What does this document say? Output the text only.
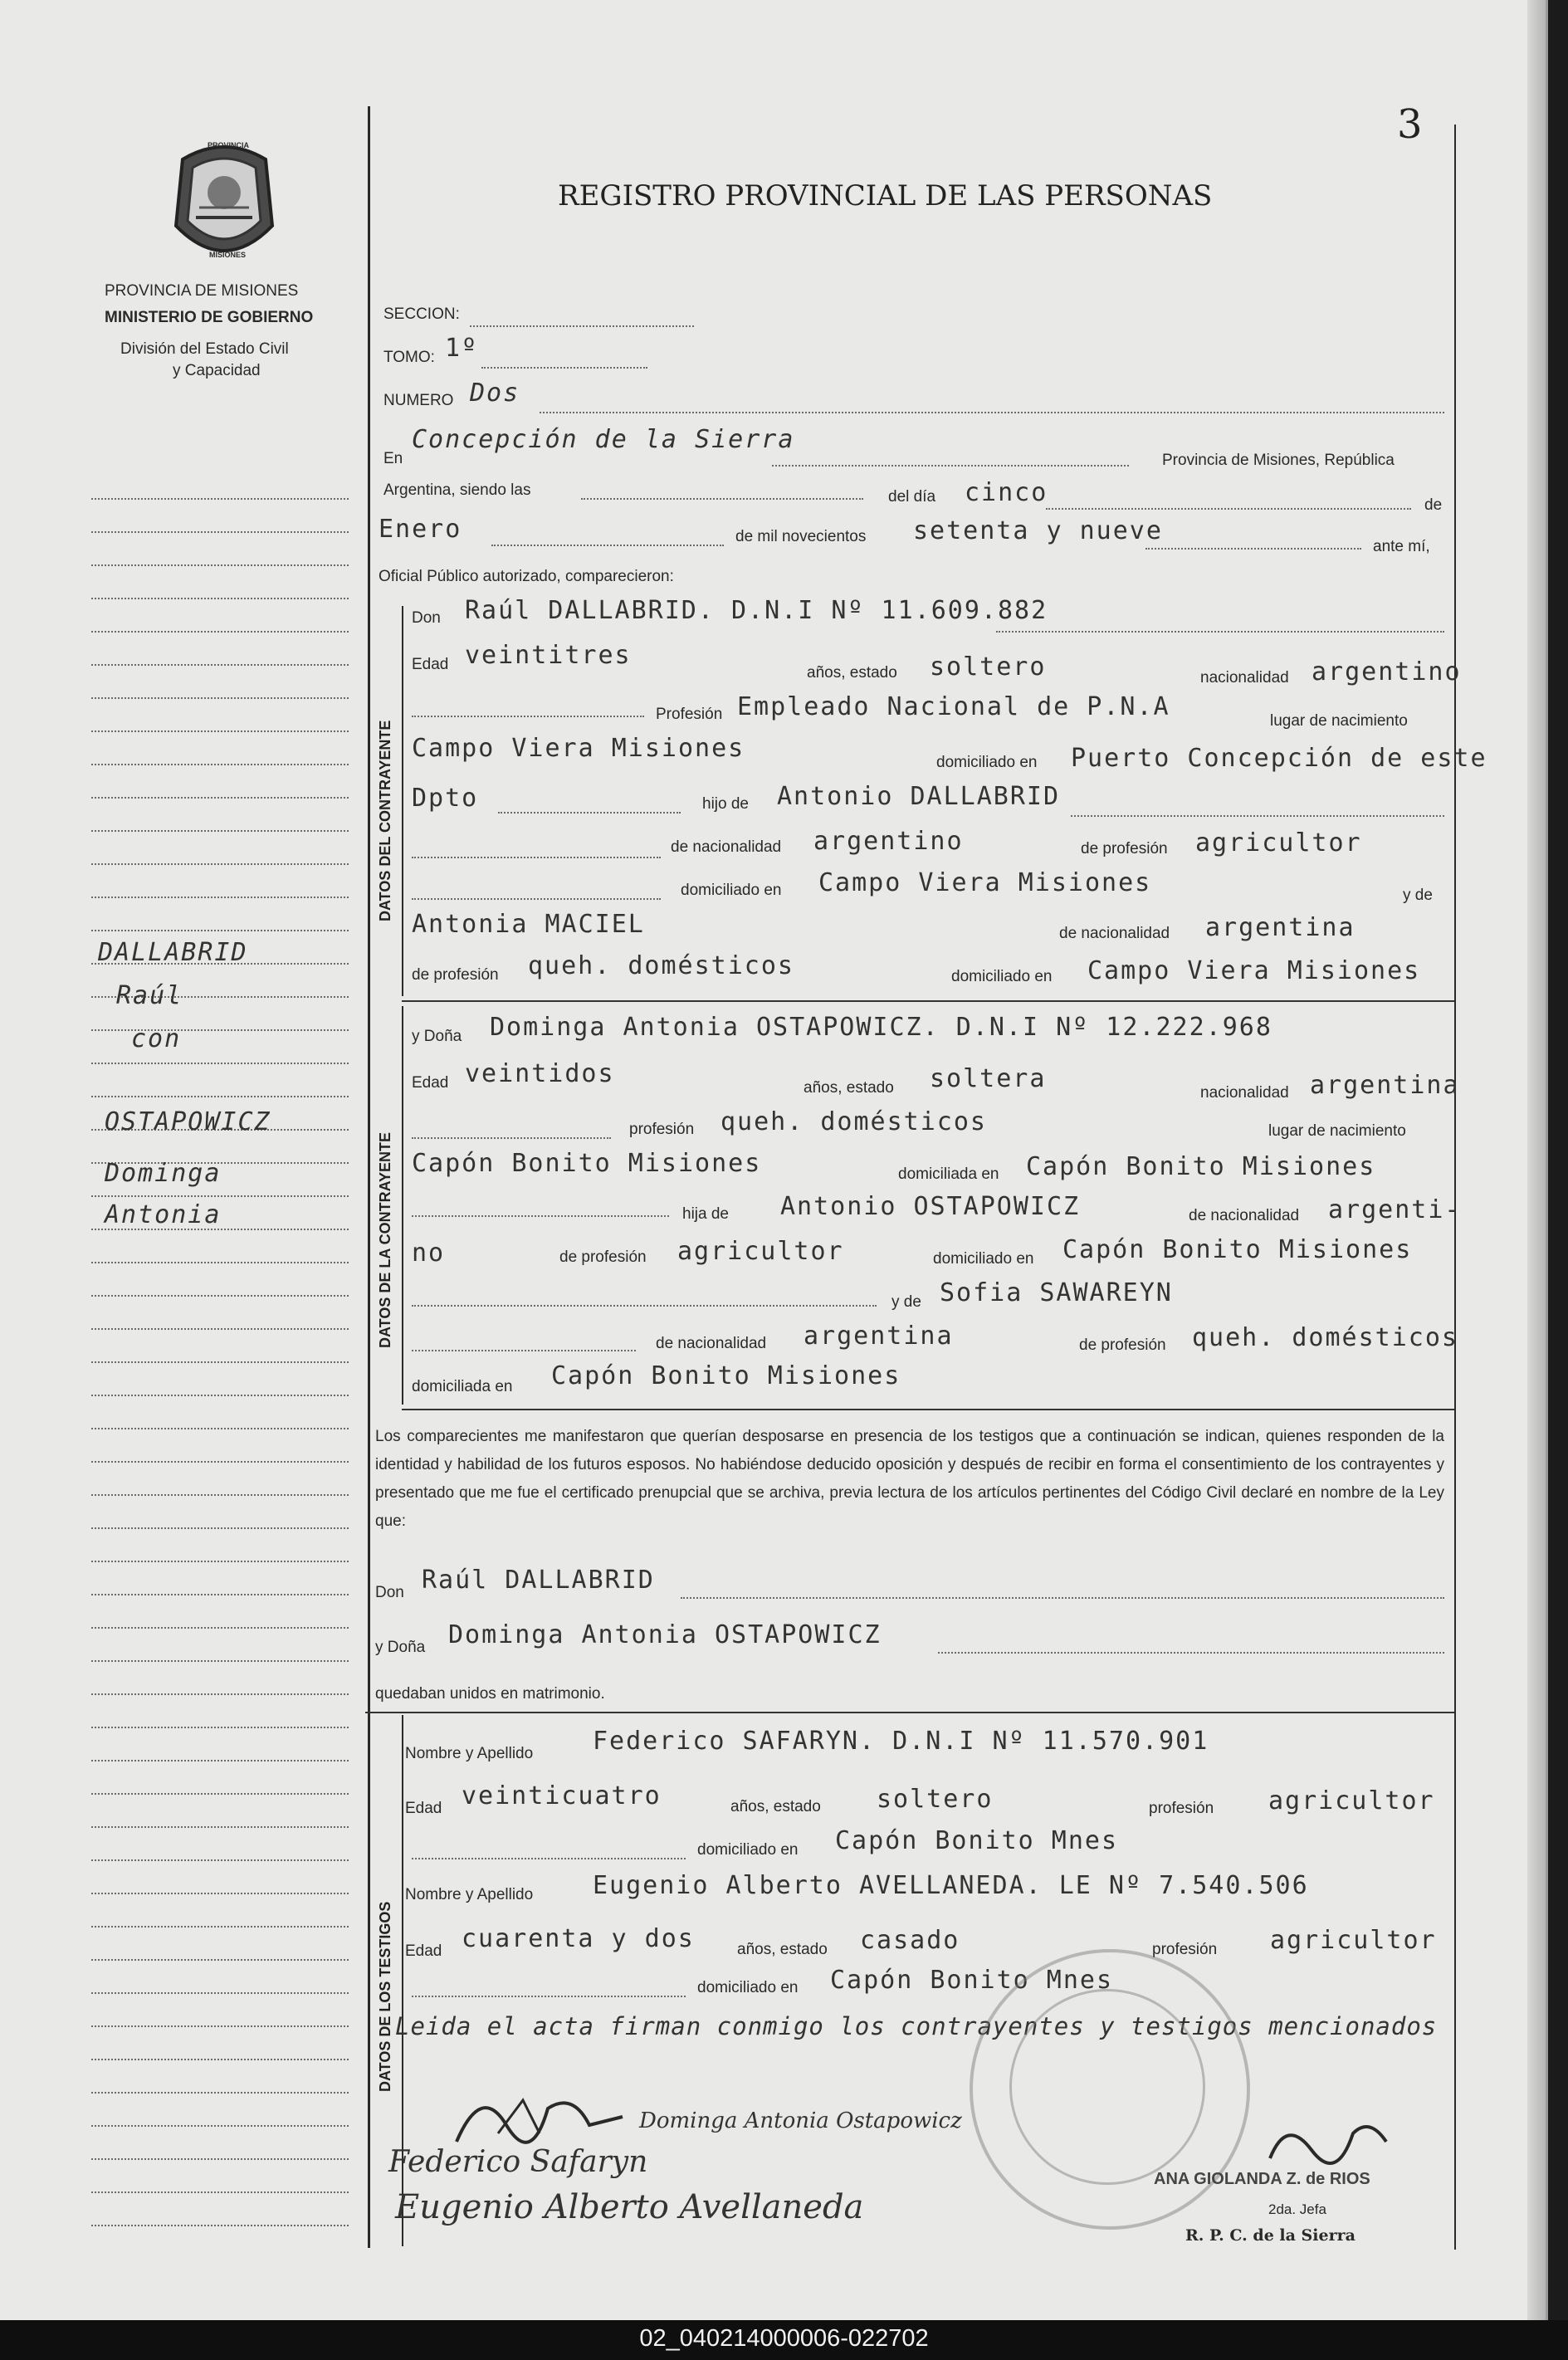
3
REGISTRO PROVINCIAL DE LAS PERSONAS
PROVINCIA
MISIONES
PROVINCIA DE MISIONES
MINISTERIO DE GOBIERNO
División del Estado Civil
y Capacidad
DALLABRID
Raúl
con
OSTAPOWICZ
Dominga
Antonia
SECCION:
TOMO: 1º
NUMERO Dos
En
Concepción de la Sierra
Provincia de Misiones, República
Argentina, siendo las	del día cinco	de
Enero	de mil novecientos setenta y nueve
ante mí,
Oficial Público autorizado, comparecieron:
DATOS DEL CONTRAYENTE
Don Raúl DALLABRID. D.N.I Nº 11.609.882
Edad veintitres
años, estado soltero	nacionalidad argentino
Profesión Empleado Nacional de P.N.A	lugar de nacimiento
Campo Viera Misiones	domiciliado en Puerto Concepción de este
Dpto	hijo de Antonio DALLABRID
de nacionalidad argentino	de profesión agricultor
domiciliado en Campo Viera Misiones	y de
Antonia MACIEL	de nacionalidad argentina
de profesión queh. domésticos	domiciliado en Campo Viera Misiones
DATOS DE LA CONTRAYENTE
y Doña Dominga Antonia OSTAPOWICZ. D.N.I Nº 12.222.968
Edad veintidos	años, estado soltera	nacionalidad argentina
profesión queh. domésticos	lugar de nacimiento
Capón Bonito Misiones	domiciliada en Capón Bonito Misiones
hija de Antonio OSTAPOWICZ	de nacionalidad argenti-
no	de profesión agricultor	domiciliado en Capón Bonito Misiones
y de Sofia SAWAREYN
de nacionalidad argentina	de profesión queh. domésticos
domiciliada en Capón Bonito Misiones
Los comparecientes me manifestaron que querían desposarse en presencia de los testigos que a continuación se indican, quienes responden de la identidad y habilidad de los futuros esposos. No habiéndose deducido oposición y después de recibir en forma el consentimiento de los contrayentes y presentado que me fue el certificado prenupcial que se archiva, previa lectura de los artículos pertinentes del Código Civil declaré en nombre de la Ley que:
Don Raúl DALLABRID
y Doña Dominga Antonia OSTAPOWICZ
quedaban unidos en matrimonio.
DATOS DE LOS TESTIGOS
Nombre y Apellido Federico SAFARYN. D.N.I Nº 11.570.901
Edad veinticuatro	años, estado soltero	profesión agricultor
domiciliado en Capón Bonito Mnes
Nombre y Apellido Eugenio Alberto AVELLANEDA. LE Nº 7.540.506
Edad cuarenta y dos	años, estado casado	profesión agricultor
domiciliado en Capón Bonito Mnes
Leida el acta firman conmigo los contrayentes y testigos mencionados
Dominga Antonia Ostapowicz
Federico Safaryn
Eugenio Alberto Avellaneda
ANA GIOLANDA Z. de RIOS
2da. Jefa
R. P. C. de la Sierra
02_040214000006-022702
